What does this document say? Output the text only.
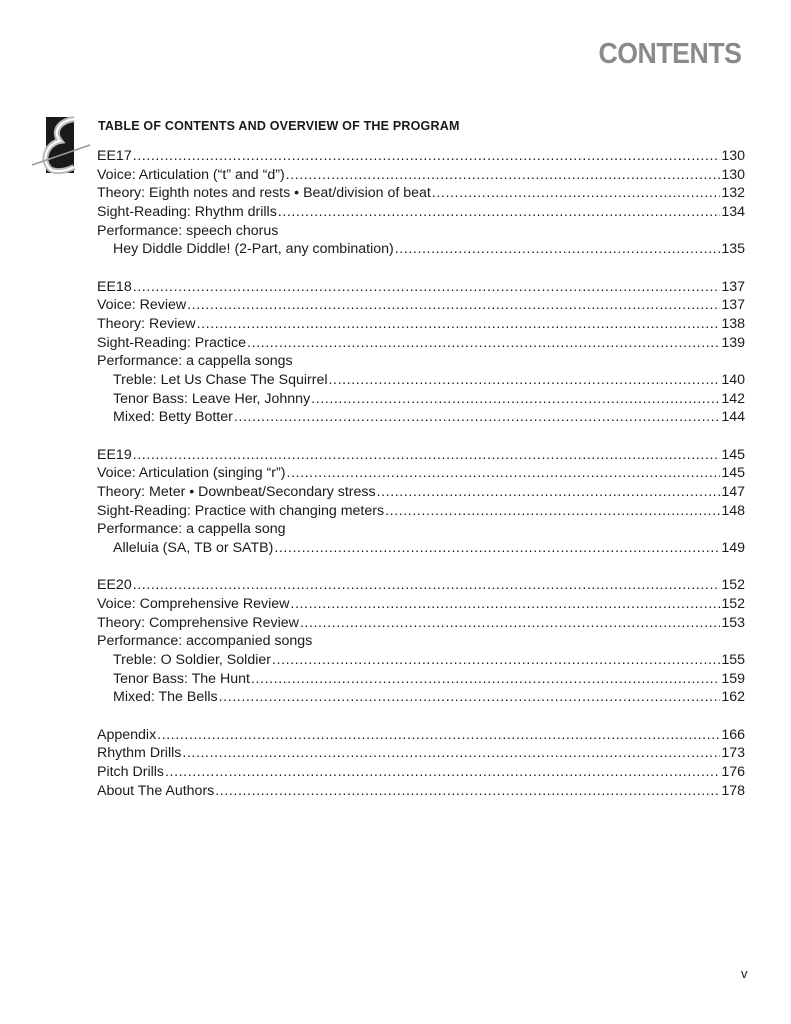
CONTENTS
TABLE OF CONTENTS AND OVERVIEW OF THE PROGRAM
EE17 .....	130
Voice: Articulation (“t” and “d”) .....	130
Theory: Eighth notes and rests • Beat/division of beat .....	132
Sight-Reading: Rhythm drills .....	134
Performance: speech chorus
Hey Diddle Diddle! (2-Part, any combination) .....	135
EE18 .....	137
Voice: Review .....	137
Theory: Review .....	138
Sight-Reading: Practice .....	139
Performance: a cappella songs
Treble: Let Us Chase The Squirrel .....	140
Tenor Bass: Leave Her, Johnny .....	142
Mixed: Betty Botter .....	144
EE19 .....	145
Voice: Articulation (singing “r”) .....	145
Theory: Meter • Downbeat/Secondary stress .....	147
Sight-Reading: Practice with changing meters .....	148
Performance: a cappella song
Alleluia (SA, TB or SATB) .....	149
EE20 .....	152
Voice: Comprehensive Review .....	152
Theory: Comprehensive Review .....	153
Performance: accompanied songs
Treble: O Soldier, Soldier .....	155
Tenor Bass: The Hunt .....	159
Mixed: The Bells .....	162
Appendix .....	166
Rhythm Drills .....	173
Pitch Drills .....	176
About The Authors .....	178
v
